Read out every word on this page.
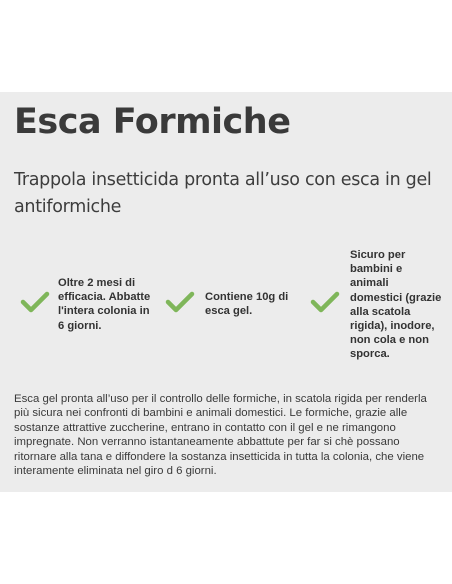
Esca Formiche

Trappola insetticida pronta all’uso con esca in gel antiformiche

Oltre 2 mesi di efficacia. Abbatte l'intera colonia in 6 giorni.
Contiene 10g di esca gel.
Sicuro per bambini e animali domestici (grazie alla scatola rigida), inodore, non cola e non sporca.

Esca gel pronta all’uso per il controllo delle formiche, in scatola rigida per renderla più sicura nei confronti di bambini e animali domestici. Le formiche, grazie alle sostanze attrattive zuccherine, entrano in contatto con il gel e ne rimangono impregnate. Non verranno istantaneamente abbattute per far si chè possano ritornare alla tana e diffondere la sostanza insetticida in tutta la colonia, che viene interamente eliminata nel giro d 6 giorni.
